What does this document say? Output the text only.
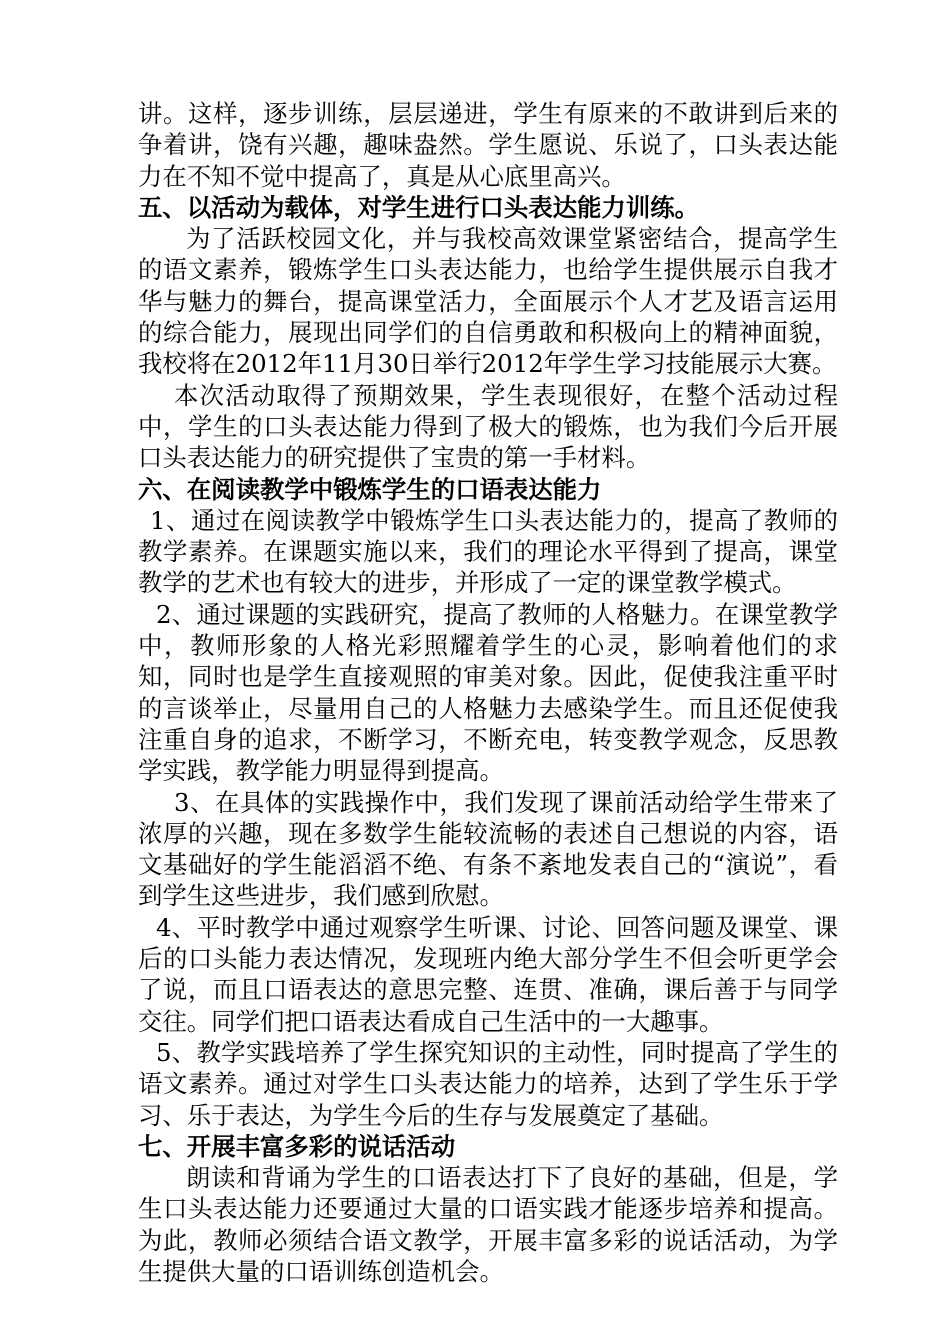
讲。这样，逐步训练，层层递进，学生有原来的不敢讲到后来的争着讲，饶有兴趣，趣味盎然。学生愿说、乐说了，口头表达能力在不知不觉中提高了，真是从心底里高兴。

五、以活动为载体，对学生进行口头表达能力训练。

为了活跃校园文化，并与我校高效课堂紧密结合，提高学生的语文素养，锻炼学生口头表达能力，也给学生提供展示自我才华与魅力的舞台，提高课堂活力，全面展示个人才艺及语言运用的综合能力，展现出同学们的自信勇敢和积极向上的精神面貌，我校将在2012年11月30日举行2012年学生学习技能展示大赛。

本次活动取得了预期效果，学生表现很好，在整个活动过程中，学生的口头表达能力得到了极大的锻炼，也为我们今后开展口头表达能力的研究提供了宝贵的第一手材料。

六、在阅读教学中锻炼学生的口语表达能力

1、通过在阅读教学中锻炼学生口头表达能力的，提高了教师的教学素养。在课题实施以来，我们的理论水平得到了提高，课堂教学的艺术也有较大的进步，并形成了一定的课堂教学模式。

2、通过课题的实践研究，提高了教师的人格魅力。在课堂教学中，教师形象的人格光彩照耀着学生的心灵，影响着他们的求知，同时也是学生直接观照的审美对象。因此，促使我注重平时的言谈举止，尽量用自己的人格魅力去感染学生。而且还促使我注重自身的追求，不断学习，不断充电，转变教学观念，反思教学实践，教学能力明显得到提高。

3、在具体的实践操作中，我们发现了课前活动给学生带来了浓厚的兴趣，现在多数学生能较流畅的表述自己想说的内容，语文基础好的学生能滔滔不绝、有条不紊地发表自己的“演说”，看到学生这些进步，我们感到欣慰。

4、平时教学中通过观察学生听课、讨论、回答问题及课堂、课后的口头能力表达情况，发现班内绝大部分学生不但会听更学会了说，而且口语表达的意思完整、连贯、准确，课后善于与同学交往。同学们把口语表达看成自己生活中的一大趣事。

5、教学实践培养了学生探究知识的主动性，同时提高了学生的语文素养。通过对学生口头表达能力的培养，达到了学生乐于学习、乐于表达，为学生今后的生存与发展奠定了基础。

七、开展丰富多彩的说话活动

朗读和背诵为学生的口语表达打下了良好的基础，但是，学生口头表达能力还要通过大量的口语实践才能逐步培养和提高。为此，教师必须结合语文教学，开展丰富多彩的说话活动，为学生提供大量的口语训练创造机会。
